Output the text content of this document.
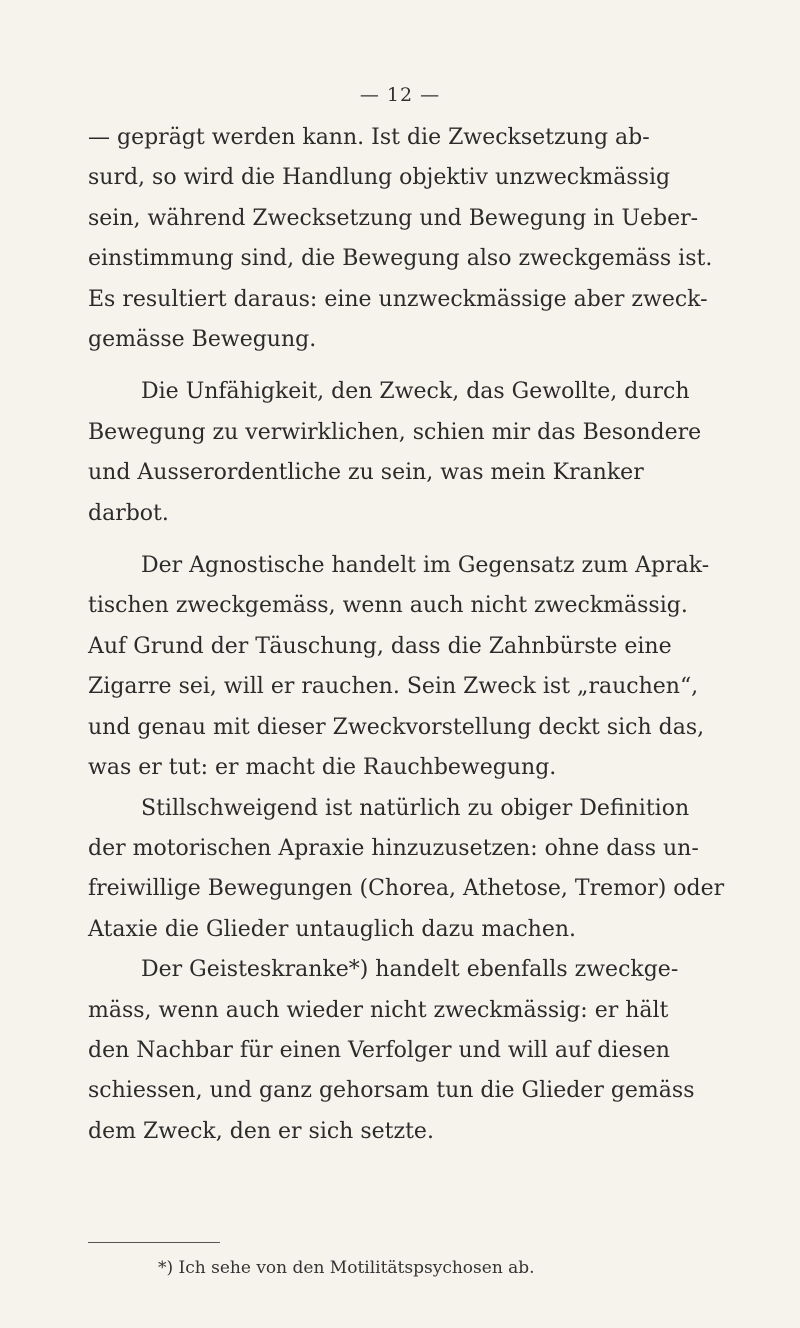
— 12 —
— geprägt werden kann. Ist die Zwecksetzung ab-
surd, so wird die Handlung objektiv unzweckmässig
sein, während Zwecksetzung und Bewegung in Ueber-
einstimmung sind, die Bewegung also zweckgemäss ist.
Es resultiert daraus: eine unzweckmässige aber zweck-
gemässe Bewegung.
Die Unfähigkeit, den Zweck, das Gewollte, durch
Bewegung zu verwirklichen, schien mir das Besondere
und Ausserordentliche zu sein, was mein Kranker
darbot.
Der Agnostische handelt im Gegensatz zum Aprak-
tischen zweckgemäss, wenn auch nicht zweckmässig.
Auf Grund der Täuschung, dass die Zahnbürste eine
Zigarre sei, will er rauchen. Sein Zweck ist „rauchen“,
und genau mit dieser Zweckvorstellung deckt sich das,
was er tut: er macht die Rauchbewegung.
Stillschweigend ist natürlich zu obiger Definition
der motorischen Apraxie hinzuzusetzen: ohne dass un-
freiwillige Bewegungen (Chorea, Athetose, Tremor) oder
Ataxie die Glieder untauglich dazu machen.
Der Geisteskranke*) handelt ebenfalls zweckge-
mäss, wenn auch wieder nicht zweckmässig: er hält
den Nachbar für einen Verfolger und will auf diesen
schiessen, und ganz gehorsam tun die Glieder gemäss
dem Zweck, den er sich setzte.
*) Ich sehe von den Motilitätspsychosen ab.
